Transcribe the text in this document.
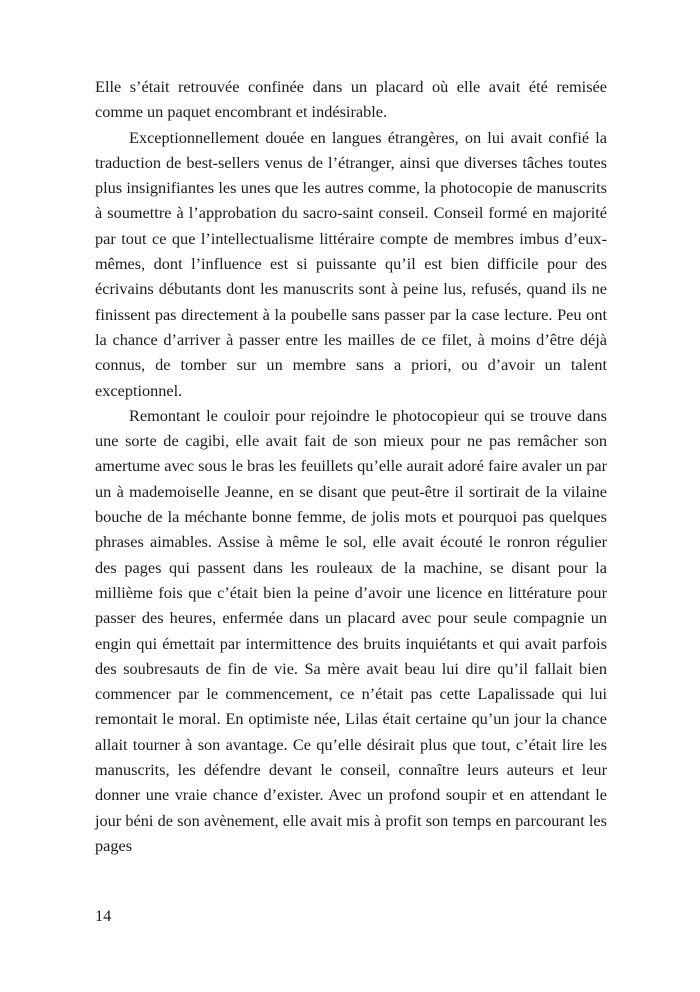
Elle s’était retrouvée confinée dans un placard où elle avait été remisée comme un paquet encombrant et indésirable.

Exceptionnellement douée en langues étrangères, on lui avait confié la traduction de best-sellers venus de l’étranger, ainsi que diverses tâches toutes plus insignifiantes les unes que les autres comme, la photocopie de manuscrits à soumettre à l’approbation du sacro-saint conseil. Conseil formé en majorité par tout ce que l’intellectualisme littéraire compte de membres imbus d’eux-mêmes, dont l’influence est si puissante qu’il est bien difficile pour des écrivains débutants dont les manuscrits sont à peine lus, refusés, quand ils ne finissent pas directement à la poubelle sans passer par la case lecture. Peu ont la chance d’arriver à passer entre les mailles de ce filet, à moins d’être déjà connus, de tomber sur un membre sans a priori, ou d’avoir un talent exceptionnel.

Remontant le couloir pour rejoindre le photocopieur qui se trouve dans une sorte de cagibi, elle avait fait de son mieux pour ne pas remâcher son amertume avec sous le bras les feuillets qu’elle aurait adoré faire avaler un par un à mademoiselle Jeanne, en se disant que peut-être il sortirait de la vilaine bouche de la méchante bonne femme, de jolis mots et pourquoi pas quelques phrases aimables. Assise à même le sol, elle avait écouté le ronron régulier des pages qui passent dans les rouleaux de la machine, se disant pour la millième fois que c’était bien la peine d’avoir une licence en littérature pour passer des heures, enfermée dans un placard avec pour seule compagnie un engin qui émettait par intermittence des bruits inquiétants et qui avait parfois des soubresauts de fin de vie. Sa mère avait beau lui dire qu’il fallait bien commencer par le commencement, ce n’était pas cette Lapalissade qui lui remontait le moral. En optimiste née, Lilas était certaine qu’un jour la chance allait tourner à son avantage. Ce qu’elle désirait plus que tout, c’était lire les manuscrits, les défendre devant le conseil, connaître leurs auteurs et leur donner une vraie chance d’exister. Avec un profond soupir et en attendant le jour béni de son avènement, elle avait mis à profit son temps en parcourant les pages

14
